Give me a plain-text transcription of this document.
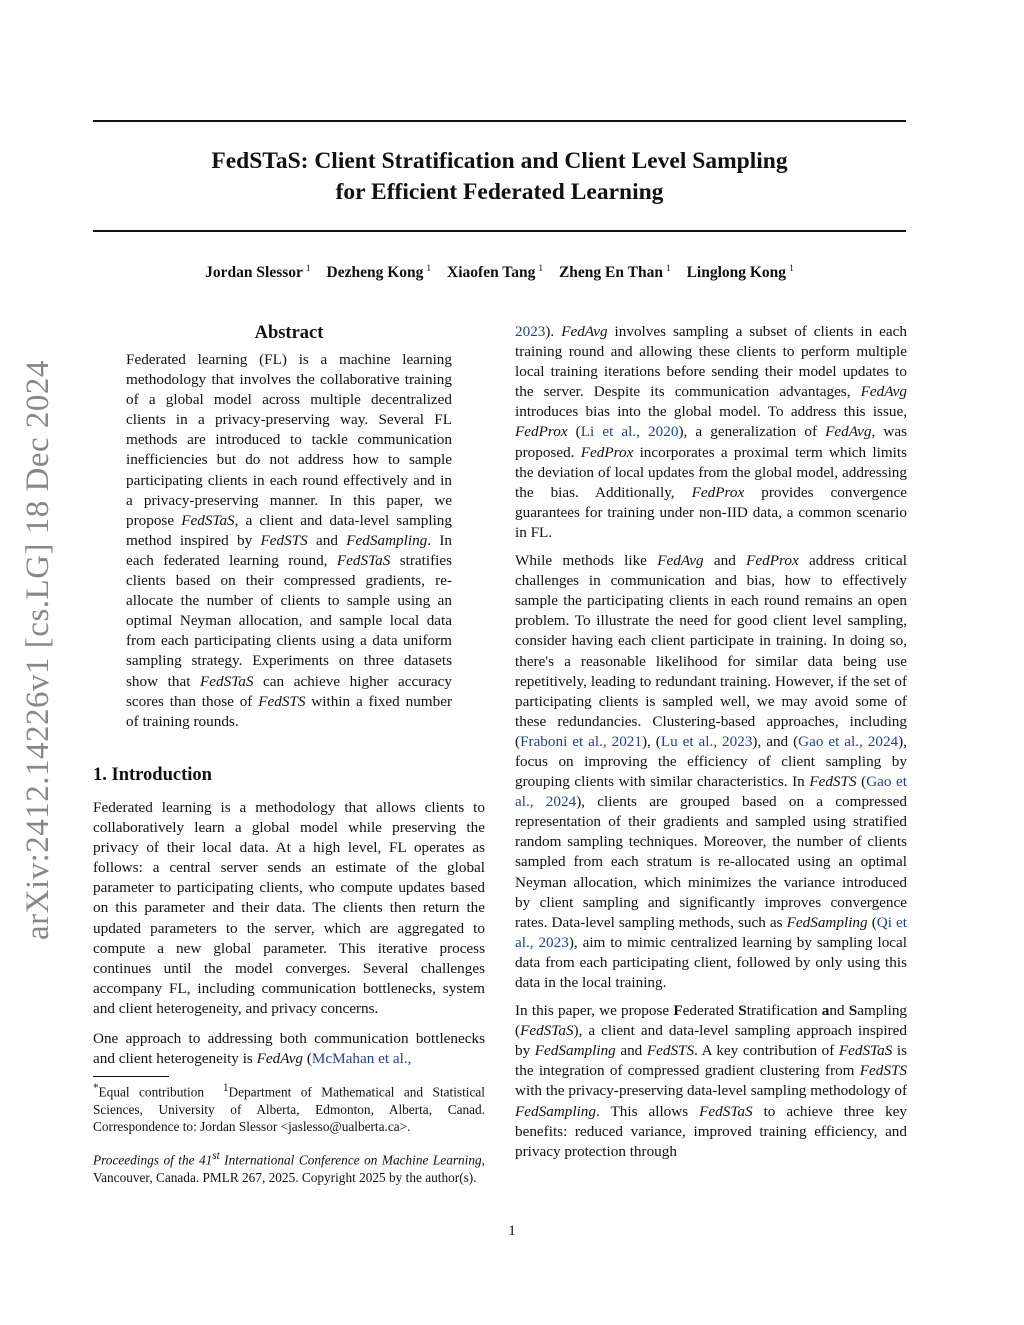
FedSTaS: Client Stratification and Client Level Sampling
for Efficient Federated Learning
Jordan Slessor $^1$ Dezheng Kong $^1$ Xiaofen Tang $^1$ Zheng En Than $^1$ Linglong Kong $^1$
arXiv:2412.14226v1 [cs.LG] 18 Dec 2024
Abstract

Federated learning (FL) is a machine learning methodology that involves the collaborative training of a global model across multiple decentralized clients in a privacy-preserving way. Several FL methods are introduced to tackle communication inefficiencies but do not address how to sample participating clients in each round effectively and in a privacy-preserving manner. In this paper, we propose FedSTaS, a client and data-level sampling method inspired by FedSTS and FedSampling. In each federated learning round, FedSTaS stratifies clients based on their compressed gradients, re-allocate the number of clients to sample using an optimal Neyman allocation, and sample local data from each participating clients using a data uniform sampling strategy. Experiments on three datasets show that FedSTaS can achieve higher accuracy scores than those of FedSTS within a fixed number of training rounds.

1. Introduction

Federated learning is a methodology that allows clients to collaboratively learn a global model while preserving the privacy of their local data. At a high level, FL operates as follows: a central server sends an estimate of the global parameter to participating clients, who compute updates based on this parameter and their data. The clients then return the updated parameters to the server, which are aggregated to compute a new global parameter. This iterative process continues until the model converges. Several challenges accompany FL, including communication bottlenecks, system and client heterogeneity, and privacy concerns.

One approach to addressing both communication bottlenecks and client heterogeneity is FedAvg (McMahan et al.,

*Equal contribution $^1$Department of Mathematical and Statistical Sciences, University of Alberta, Edmonton, Alberta, Canad. Correspondence to: Jordan Slessor <jaslesso@ualberta.ca>.

Proceedings of the 41st International Conference on Machine Learning, Vancouver, Canada. PMLR 267, 2025. Copyright 2025 by the author(s).

2023). FedAvg involves sampling a subset of clients in each training round and allowing these clients to perform multiple local training iterations before sending their model updates to the server. Despite its communication advantages, FedAvg introduces bias into the global model. To address this issue, FedProx (Li et al., 2020), a generalization of FedAvg, was proposed. FedProx incorporates a proximal term which limits the deviation of local updates from the global model, addressing the bias. Additionally, FedProx provides convergence guarantees for training under non-IID data, a common scenario in FL.

While methods like FedAvg and FedProx address critical challenges in communication and bias, how to effectively sample the participating clients in each round remains an open problem. To illustrate the need for good client level sampling, consider having each client participate in training. In doing so, there's a reasonable likelihood for similar data being use repetitively, leading to redundant training. However, if the set of participating clients is sampled well, we may avoid some of these redundancies. Clustering-based approaches, including (Fraboni et al., 2021), (Lu et al., 2023), and (Gao et al., 2024), focus on improving the efficiency of client sampling by grouping clients with similar characteristics. In FedSTS (Gao et al., 2024), clients are grouped based on a compressed representation of their gradients and sampled using stratified random sampling techniques. Moreover, the number of clients sampled from each stratum is re-allocated using an optimal Neyman allocation, which minimizes the variance introduced by client sampling and significantly improves convergence rates. Data-level sampling methods, such as FedSampling (Qi et al., 2023), aim to mimic centralized learning by sampling local data from each participating client, followed by only using this data in the local training.

In this paper, we propose Federated Stratification and Sampling (FedSTaS), a client and data-level sampling approach inspired by FedSampling and FedSTS. A key contribution of FedSTaS is the integration of compressed gradient clustering from FedSTS with the privacy-preserving data-level sampling methodology of FedSampling. This allows FedSTaS to achieve three key benefits: reduced variance, improved training efficiency, and privacy protection through

1
